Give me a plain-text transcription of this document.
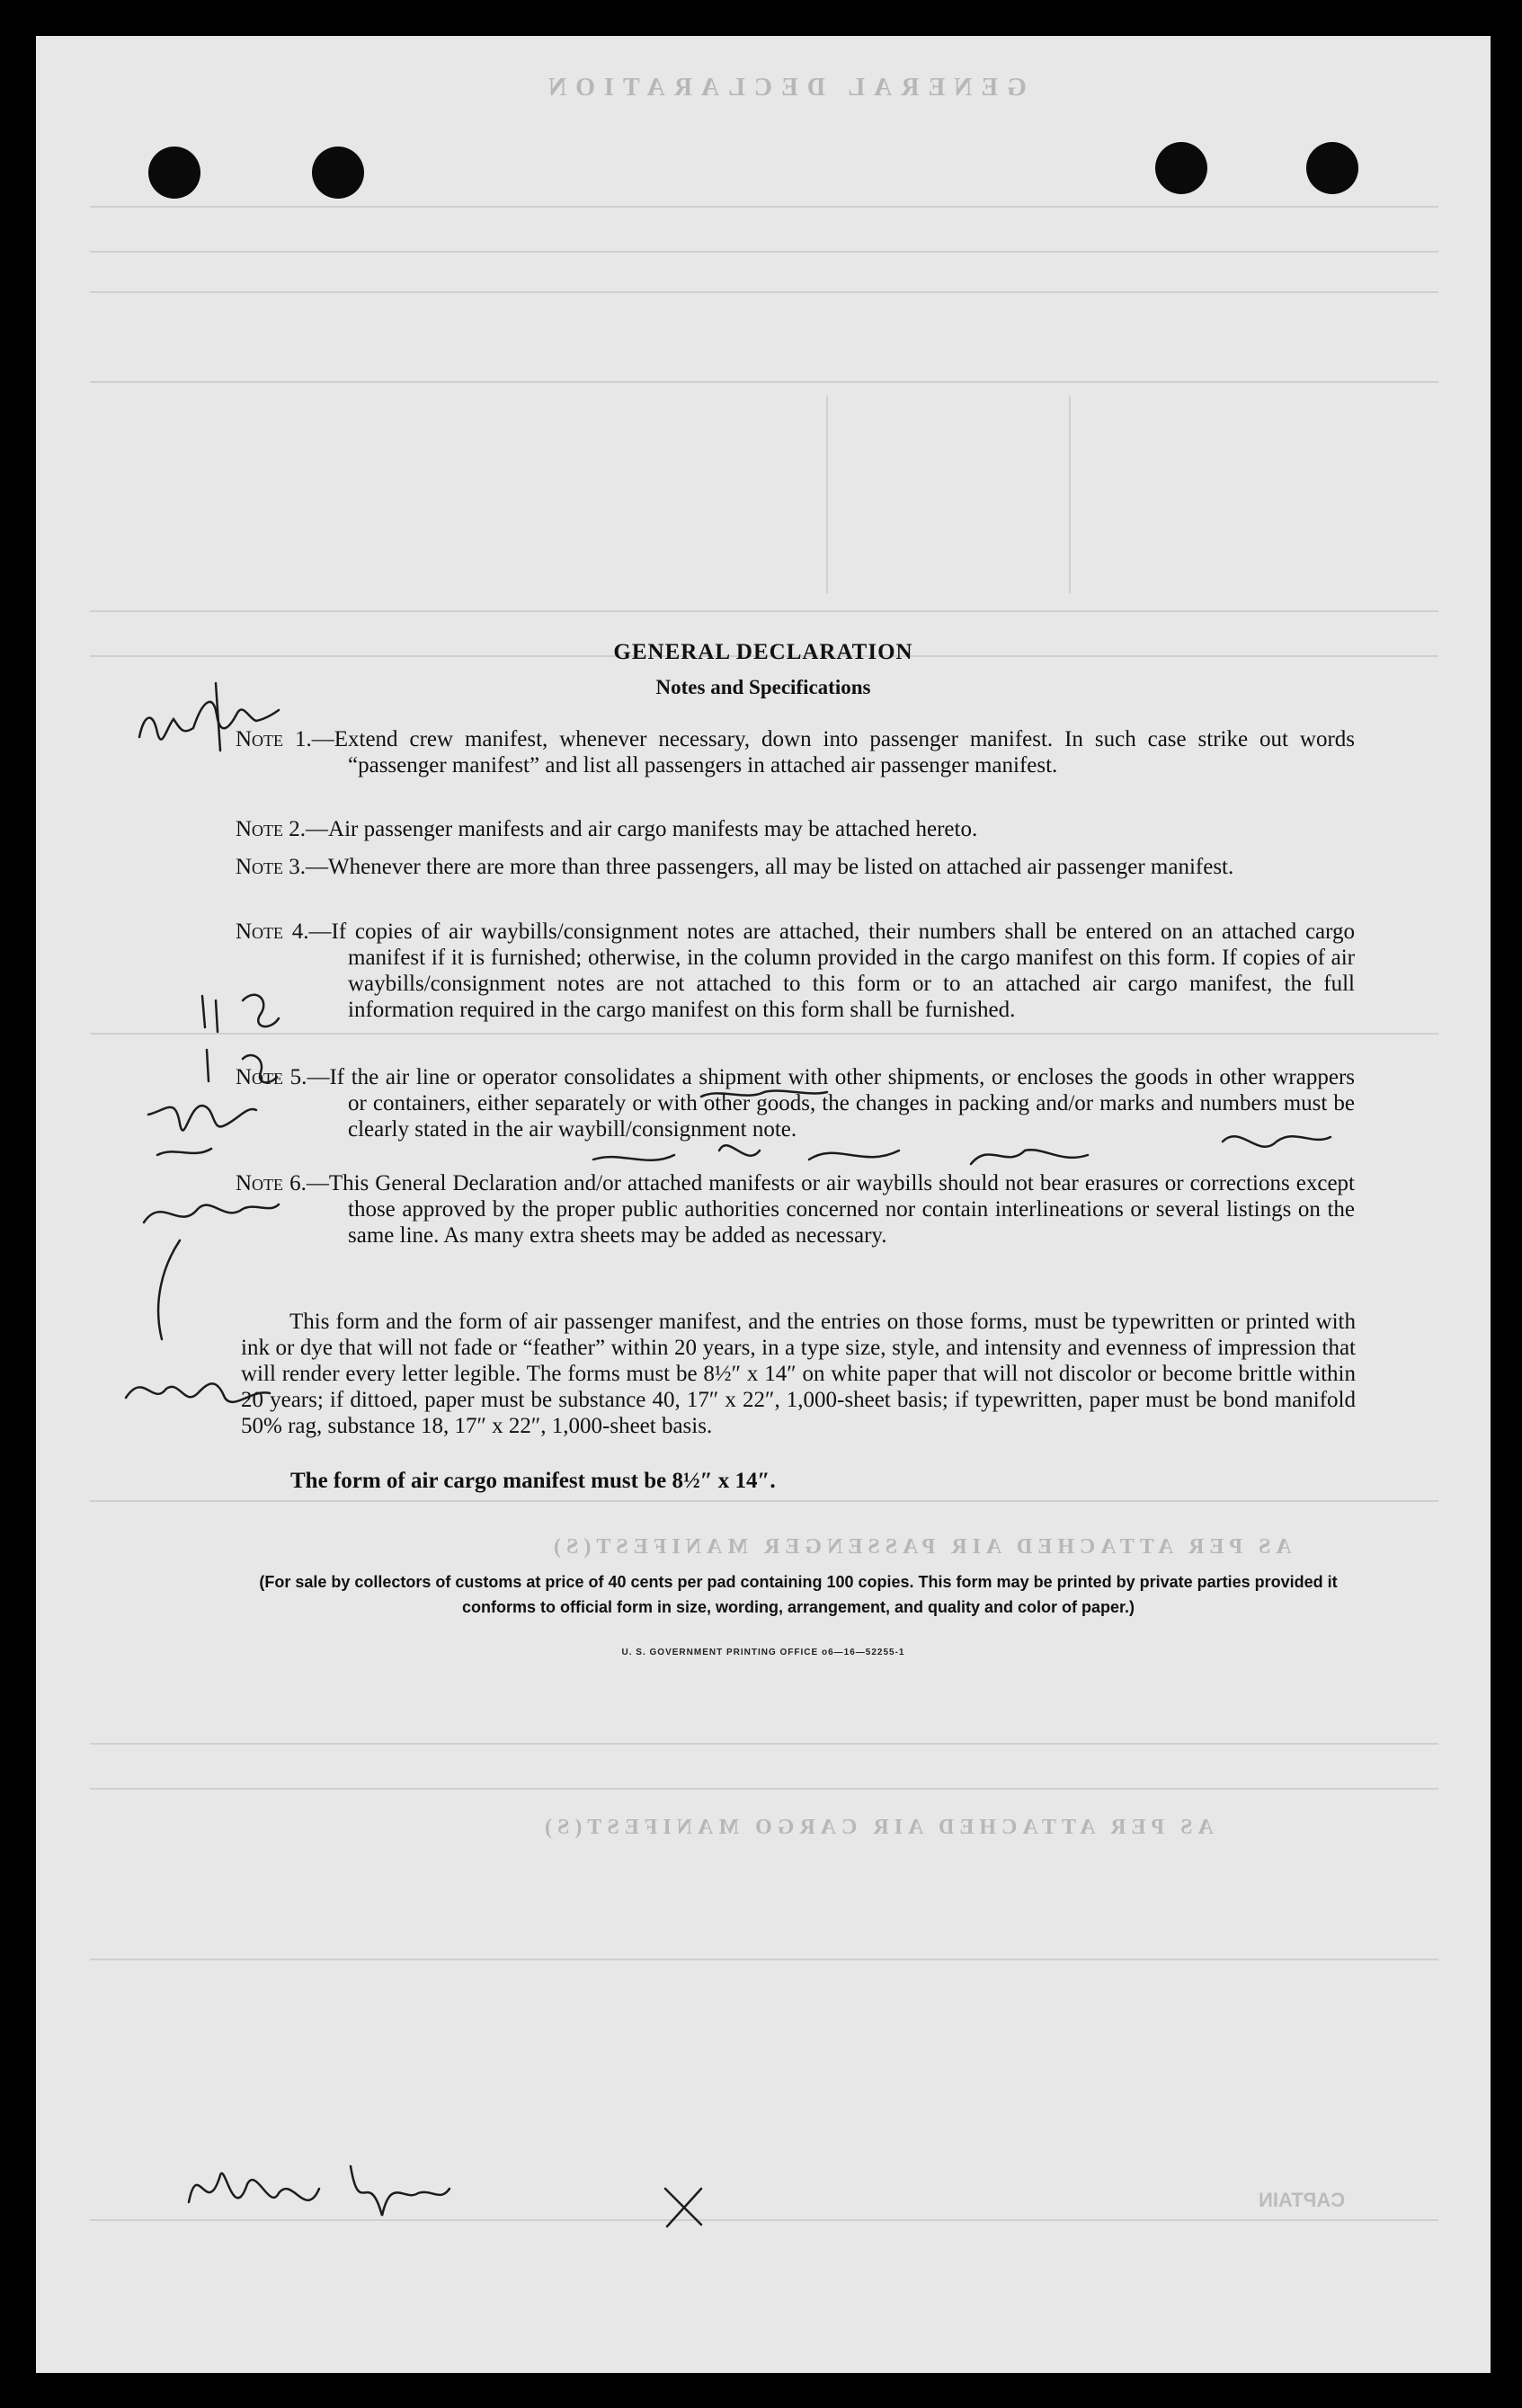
GENERAL DECLARATION
AS PER ATTACHED AIR PASSENGER MANIFEST(S)
AS PER ATTACHED AIR CARGO MANIFEST(S)
CAPTAIN
GENERAL DECLARATION
Notes and Specifications
Note 1.—Extend crew manifest, whenever necessary, down into passenger manifest. In such case strike out words “passenger manifest” and list all passengers in attached air passenger manifest.
Note 2.—Air passenger manifests and air cargo manifests may be attached hereto.
Note 3.—Whenever there are more than three passengers, all may be listed on attached air passenger manifest.
Note 4.—If copies of air waybills/consignment notes are attached, their numbers shall be entered on an attached cargo manifest if it is furnished; otherwise, in the column provided in the cargo manifest on this form. If copies of air waybills/consignment notes are not attached to this form or to an attached air cargo manifest, the full information required in the cargo manifest on this form shall be furnished.
Note 5.—If the air line or operator consolidates a shipment with other shipments, or encloses the goods in other wrappers or containers, either separately or with other goods, the changes in packing and/or marks and numbers must be clearly stated in the air waybill/consignment note.
Note 6.—This General Declaration and/or attached manifests or air waybills should not bear erasures or corrections except those approved by the proper public authorities concerned nor contain interlineations or several listings on the same line. As many extra sheets may be added as necessary.
This form and the form of air passenger manifest, and the entries on those forms, must be typewritten or printed with ink or dye that will not fade or “feather” within 20 years, in a type size, style, and intensity and evenness of impression that will render every letter legible. The forms must be 8½″ x 14″ on white paper that will not discolor or become brittle within 20 years; if dittoed, paper must be substance 40, 17″ x 22″, 1,000-sheet basis; if typewritten, paper must be bond manifold 50% rag, substance 18, 17″ x 22″, 1,000-sheet basis.
The form of air cargo manifest must be 8½″ x 14″.
(For sale by collectors of customs at price of 40 cents per pad containing 100 copies. This form may be printed by private parties provided it conforms to official form in size, wording, arrangement, and quality and color of paper.)
U. S. GOVERNMENT PRINTING OFFICE o6—16—52255-1
